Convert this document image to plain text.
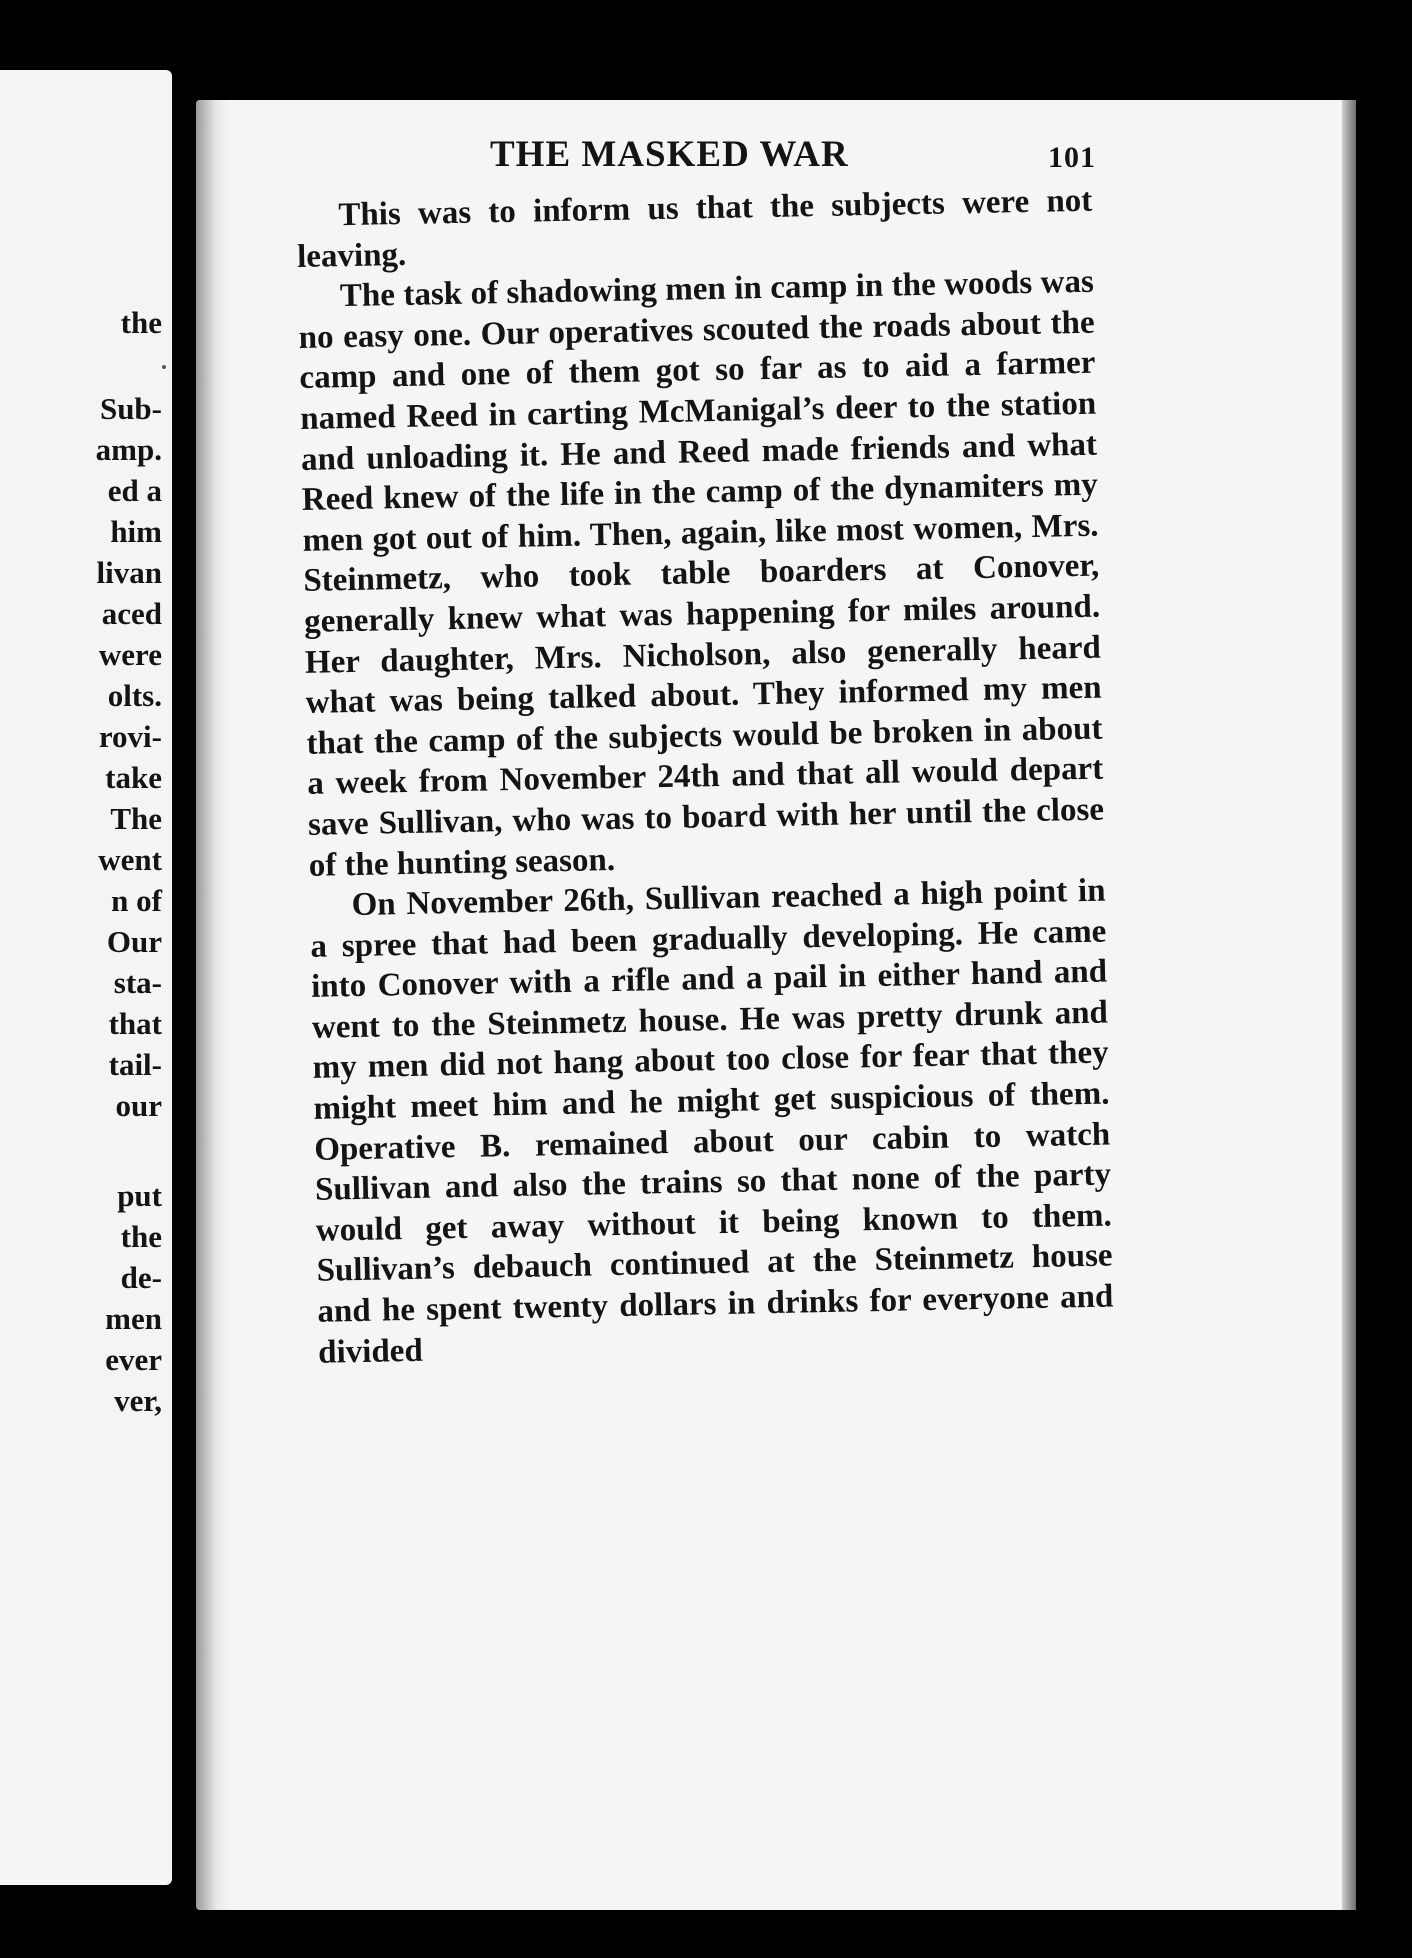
the
Sub-
amp.
ed a
him
livan
aced
were
olts.
rovi-
take
The
went
n of
Our
sta-
that
tail-
our
put
the
de-
men
ever
ver,
THE MASKED WAR	101

This was to inform us that the subjects were not leaving.

The task of shadowing men in camp in the woods was no easy one. Our operatives scouted the roads about the camp and one of them got so far as to aid a farmer named Reed in carting McManigal’s deer to the station and unloading it. He and Reed made friends and what Reed knew of the life in the camp of the dynamiters my men got out of him. Then, again, like most women, Mrs. Steinmetz, who took table boarders at Conover, generally knew what was happening for miles around. Her daughter, Mrs. Nicholson, also generally heard what was being talked about. They informed my men that the camp of the subjects would be broken in about a week from November 24th and that all would depart save Sullivan, who was to board with her until the close of the hunting season.

On November 26th, Sullivan reached a high point in a spree that had been gradually developing. He came into Conover with a rifle and a pail in either hand and went to the Steinmetz house. He was pretty drunk and my men did not hang about too close for fear that they might meet him and he might get suspicious of them. Operative B. remained about our cabin to watch Sullivan and also the trains so that none of the party would get away without it being known to them. Sullivan’s debauch continued at the Steinmetz house and he spent twenty dollars in drinks for everyone and divided
